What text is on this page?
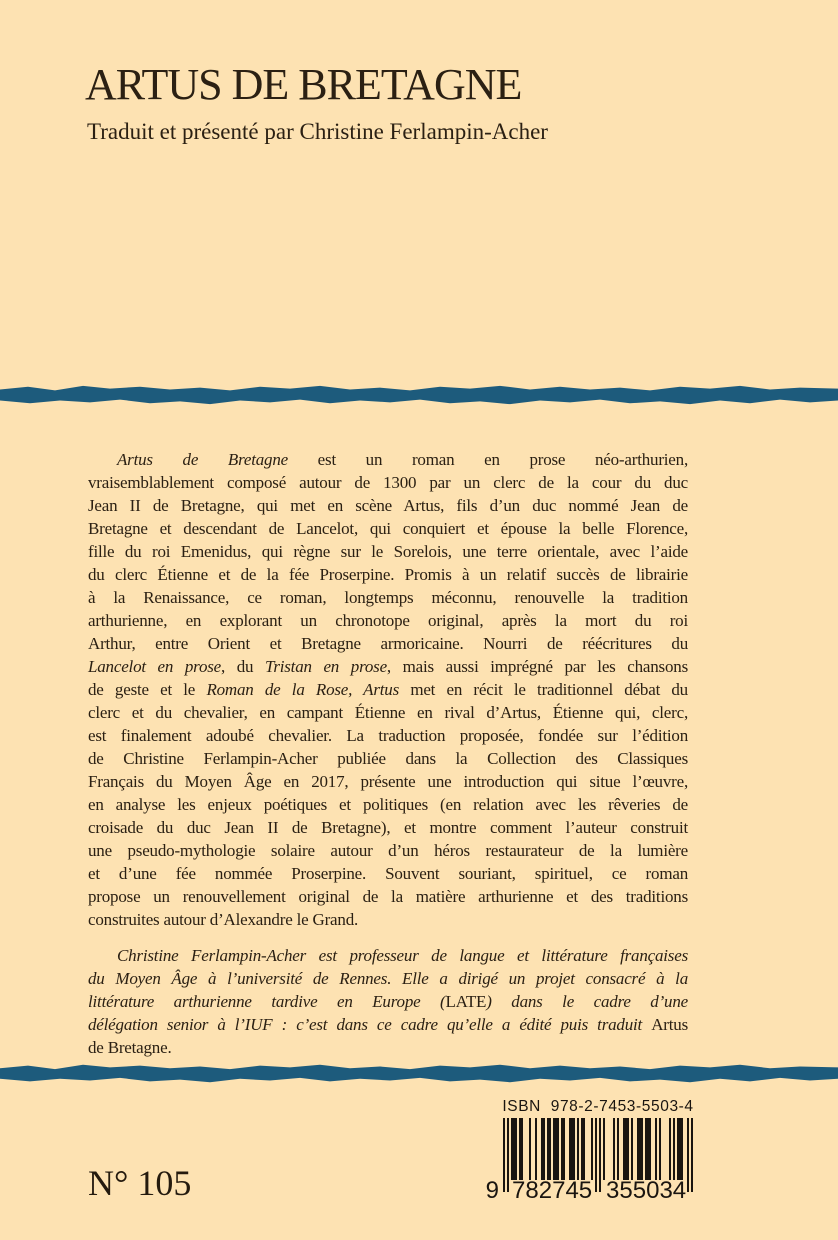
ARTUS DE BRETAGNE
Traduit et présenté par Christine Ferlampin-Acher
Artus de Bretagne est un roman en prose néo-arthurien,
vraisemblablement composé autour de 1300 par un clerc de la cour du duc
Jean II de Bretagne, qui met en scène Artus, fils d’un duc nommé Jean de
Bretagne et descendant de Lancelot, qui conquiert et épouse la belle Florence,
fille du roi Emenidus, qui règne sur le Sorelois, une terre orientale, avec l’aide
du clerc Étienne et de la fée Proserpine. Promis à un relatif succès de librairie
à la Renaissance, ce roman, longtemps méconnu, renouvelle la tradition
arthurienne, en explorant un chronotope original, après la mort du roi
Arthur, entre Orient et Bretagne armoricaine. Nourri de réécritures du
Lancelot en prose, du Tristan en prose, mais aussi imprégné par les chansons
de geste et le Roman de la Rose, Artus met en récit le traditionnel débat du
clerc et du chevalier, en campant Étienne en rival d’Artus, Étienne qui, clerc,
est finalement adoubé chevalier. La traduction proposée, fondée sur l’édition
de Christine Ferlampin-Acher publiée dans la Collection des Classiques
Français du Moyen Âge en 2017, présente une introduction qui situe l’œuvre,
en analyse les enjeux poétiques et politiques (en relation avec les rêveries de
croisade du duc Jean II de Bretagne), et montre comment l’auteur construit
une pseudo-mythologie solaire autour d’un héros restaurateur de la lumière
et d’une fée nommée Proserpine. Souvent souriant, spirituel, ce roman
propose un renouvellement original de la matière arthurienne et des traditions
construites autour d’Alexandre le Grand.
Christine Ferlampin-Acher est professeur de langue et littérature françaises
du Moyen Âge à l’université de Rennes. Elle a dirigé un projet consacré à la
littérature arthurienne tardive en Europe (LATE) dans le cadre d’une
délégation senior à l’IUF : c’est dans ce cadre qu’elle a édité puis traduit Artus
de Bretagne.
ISBN  978-2-7453-5503-4
9 7 8 2 7 4 5 3 5 5 0 3 4
N° 105
